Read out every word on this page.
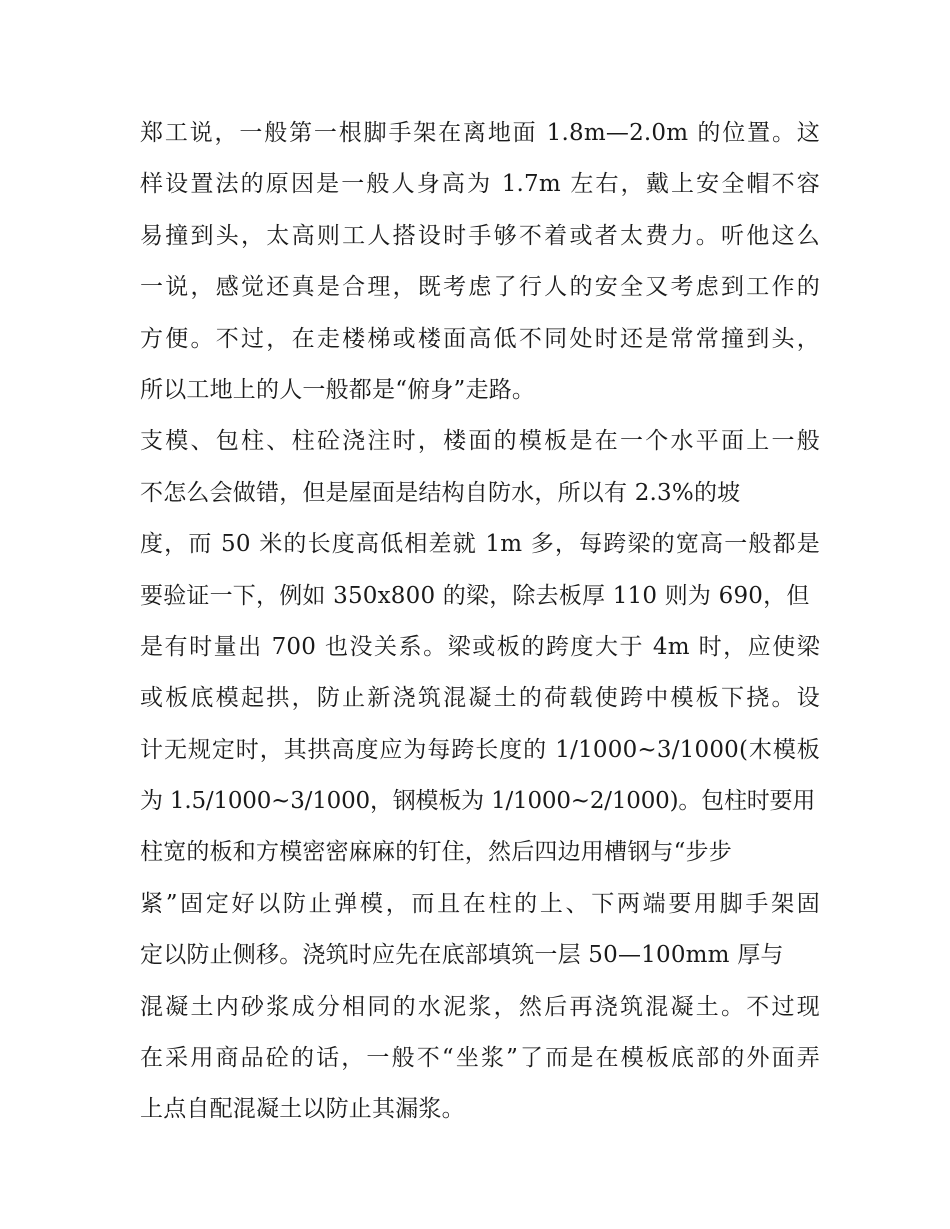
郑工说，一般第一根脚手架在离地面 1.8m—2.0m 的位置。这
样设置法的原因是一般人身高为 1.7m 左右，戴上安全帽不容
易撞到头，太高则工人搭设时手够不着或者太费力。听他这么
一说，感觉还真是合理，既考虑了行人的安全又考虑到工作的
方便。不过，在走楼梯或楼面高低不同处时还是常常撞到头，
所以工地上的人一般都是“俯身”走路。
支模、包柱、柱砼浇注时，楼面的模板是在一个水平面上一般
不怎么会做错，但是屋面是结构自防水，所以有 2.3%的坡
度，而 50 米的长度高低相差就 1m 多，每跨梁的宽高一般都是
要验证一下，例如 350x800 的梁，除去板厚 110 则为 690，但
是有时量出 700 也没关系。梁或板的跨度大于 4m 时，应使梁
或板底模起拱，防止新浇筑混凝土的荷载使跨中模板下挠。设
计无规定时，其拱高度应为每跨长度的 1/1000~3/1000(木模板
为 1.5/1000~3/1000，钢模板为 1/1000~2/1000)。包柱时要用
柱宽的板和方模密密麻麻的钉住，然后四边用槽钢与“步步
紧”固定好以防止弹模，而且在柱的上、下两端要用脚手架固
定以防止侧移。浇筑时应先在底部填筑一层 50—100mm 厚与
混凝土内砂浆成分相同的水泥浆，然后再浇筑混凝土。不过现
在采用商品砼的话，一般不“坐浆”了而是在模板底部的外面弄
上点自配混凝土以防止其漏浆。
